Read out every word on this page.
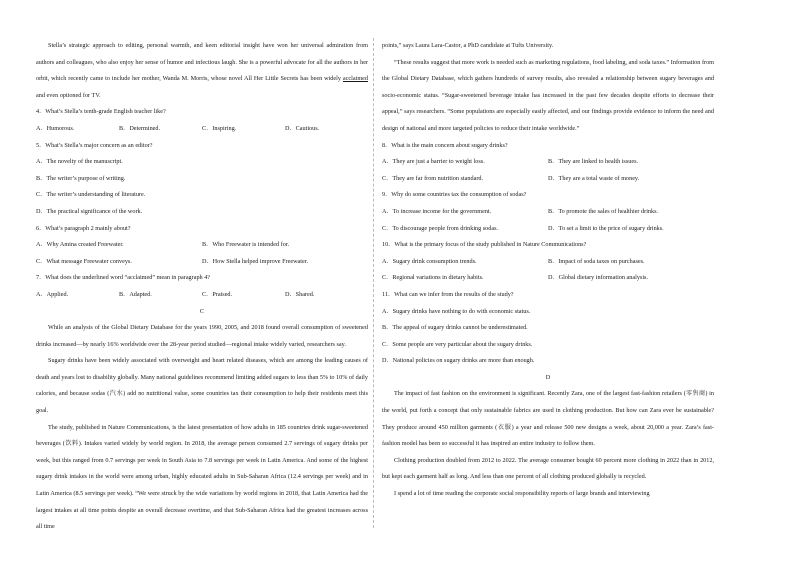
Stella’s strategic approach to editing, personal warmth, and keen editorial insight have won her universal admiration from authors and colleagues, who also enjoy her sense of humor and infectious laugh. She is a powerful advocate for all the authors in her orbit, which recently came to include her mother, Wanda M. Morris, whose novel All Her Little Secrets has been widely acclaimed and even optioned for TV.

4．What’s Stella’s tenth-grade English teacher like?
A．Humorous.	B．Determined.	C．Inspiring.	D．Cautious.
5．What’s Stella’s major concern as an editor?
A．The novelty of the manuscript.
B．The writer’s purpose of writing.
C．The writer’s understanding of literature.
D．The practical significance of the work.
6．What’s paragraph 2 mainly about?
A．Why Amina created Freewater.	B．Who Freewater is intended for.
C．What message Freewater conveys.	D．How Stella helped improve Freewater.
7．What does the underlined word “acclaimed” mean in paragraph 4?
A．Applied.	B．Adapted.	C．Praised.	D．Shared.
C

While an analysis of the Global Dietary Database for the years 1990, 2005, and 2018 found overall consumption of sweetened drinks increased—by nearly 16% worldwide over the 28-year period studied—regional intake widely varied, researchers say.

Sugary drinks have been widely associated with overweight and heart related diseases, which are among the leading causes of death and years lost to disability globally. Many national guidelines recommend limiting added sugars to less than 5% to 10% of daily calories, and because sodas (汽水) add no nutritional value, some countries tax their consumption to help their residents meet this goal.

The study, published in Nature Communications, is the latest presentation of how adults in 185 countries drink sugar-sweetened beverages (饮料). Intakes varied widely by world region. In 2018, the average person consumed 2.7 servings of sugary drinks per week, but this ranged from 0.7 servings per week in South Asia to 7.8 servings per week in Latin America. And some of the highest sugary drink intakes in the world were among urban, highly educated adults in Sub-Saharan Africa (12.4 servings per week) and in Latin America (8.5 servings per week). “We were struck by the wide variations by world regions in 2018, that Latin America had the largest intakes at all time points despite an overall decrease overtime, and that Sub-Saharan Africa had the greatest increases across all time

points,” says Laura Lara-Castor, a PhD candidate at Tufts University.

“These results suggest that more work is needed such as marketing regulations, food labeling, and soda taxes.” Information from the Global Dietary Database, which gathers hundreds of survey results, also revealed a relationship between sugary beverages and socio-economic status. “Sugar-sweetened beverage intake has increased in the past few decades despite efforts to decrease their appeal,” says researchers. “Some populations are especially easily affected, and our findings provide evidence to inform the need and design of national and more targeted policies to reduce their intake worldwide.”

8．What is the main concern about sugary drinks?
A．They are just a barrier to weight loss.	B．They are linked to health issues.
C．They are far from nutrition standard.	D．They are a total waste of money.
9．Why do some countries tax the consumption of sodas?
A．To increase income for the government.	B．To promote the sales of healthier drinks.
C．To discourage people from drinking sodas.	D．To set a limit to the price of sugary drinks.
10．What is the primary focus of the study published in Nature Communications?
A．Sugary drink consumption trends.	B．Impact of soda taxes on purchases.
C．Regional variations in dietary habits.	D．Global dietary information analysis.
11．What can we infer from the results of the study?
A．Sugary drinks have nothing to do with economic status.
B．The appeal of sugary drinks cannot be underestimated.
C．Some people are very particular about the sugary drinks.
D．National policies on sugary drinks are more than enough.
D

The impact of fast fashion on the environment is significant. Recently Zara, one of the largest fast-fashion retailers (零售商) in the world, put forth a concept that only sustainable fabrics are used in clothing production. But how can Zara ever be sustainable? They produce around 450 million garments (衣服) a year and release 500 new designs a week, about 20,000 a year. Zara’s fast-fashion model has been so successful it has inspired an entire industry to follow them.

Clothing production doubled from 2012 to 2022. The average consumer bought 60 percent more clothing in 2022 than in 2012, but kept each garment half as long. And less than one percent of all clothing produced globally is recycled.

I spend a lot of time reading the corporate social responsibility reports of large brands and interviewing
